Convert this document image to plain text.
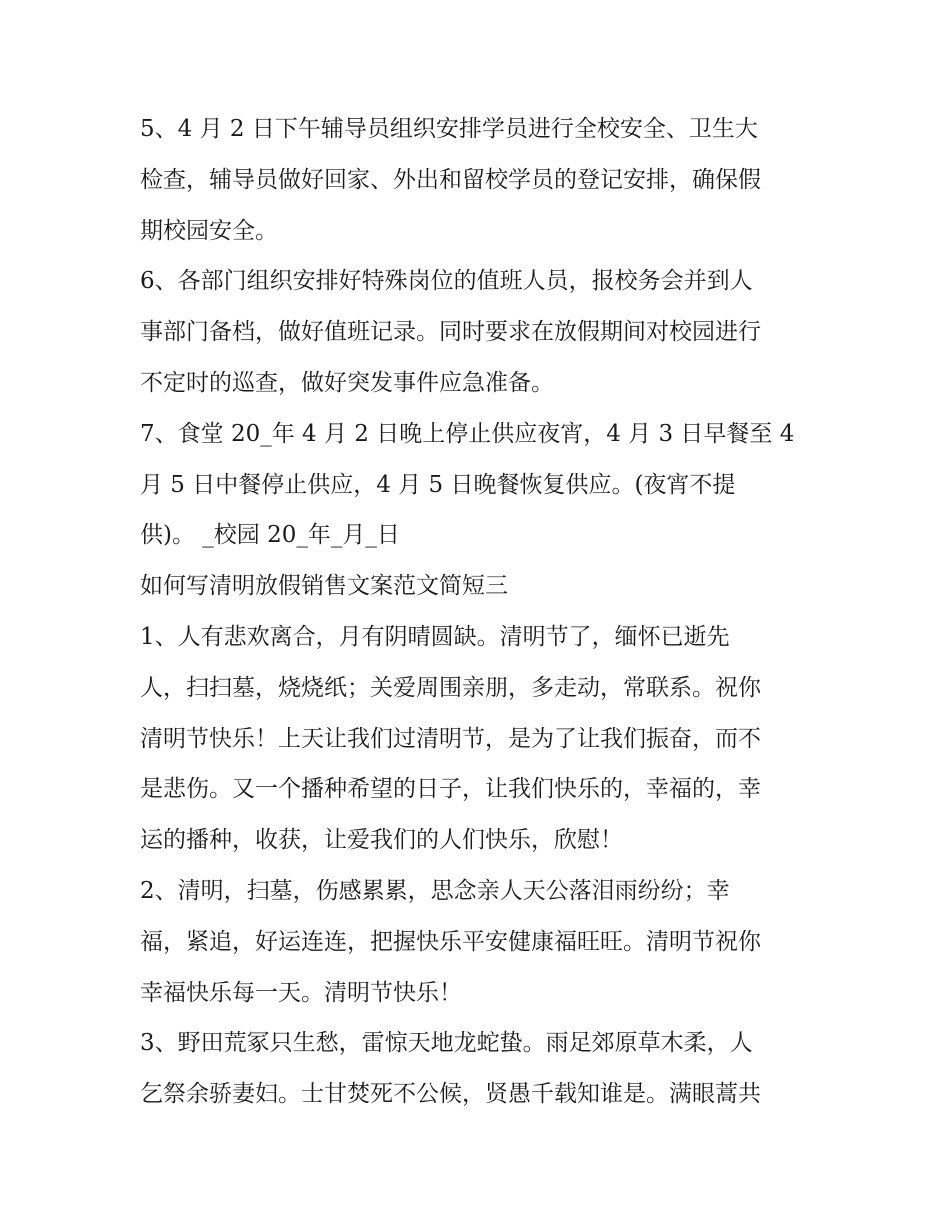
5、4 月 2 日下午辅导员组织安排学员进行全校安全、卫生大
检查，辅导员做好回家、外出和留校学员的登记安排，确保假
期校园安全。
6、各部门组织安排好特殊岗位的值班人员，报校务会并到人
事部门备档，做好值班记录。同时要求在放假期间对校园进行
不定时的巡查，做好突发事件应急准备。
7、食堂 20_年 4 月 2 日晚上停止供应夜宵，4 月 3 日早餐至 4
月 5 日中餐停止供应，4 月 5 日晚餐恢复供应。(夜宵不提
供)。 _校园 20_年_月_日
如何写清明放假销售文案范文简短三
1、人有悲欢离合，月有阴晴圆缺。清明节了，缅怀已逝先
人，扫扫墓，烧烧纸；关爱周围亲朋，多走动，常联系。祝你
清明节快乐！上天让我们过清明节，是为了让我们振奋，而不
是悲伤。又一个播种希望的日子，让我们快乐的，幸福的，幸
运的播种，收获，让爱我们的人们快乐，欣慰！
2、清明，扫墓，伤感累累，思念亲人天公落泪雨纷纷；幸
福，紧追，好运连连，把握快乐平安健康福旺旺。清明节祝你
幸福快乐每一天。清明节快乐！
3、野田荒冢只生愁，雷惊天地龙蛇蛰。雨足郊原草木柔，人
乞祭余骄妻妇。士甘焚死不公候，贤愚千载知谁是。满眼蒿共
